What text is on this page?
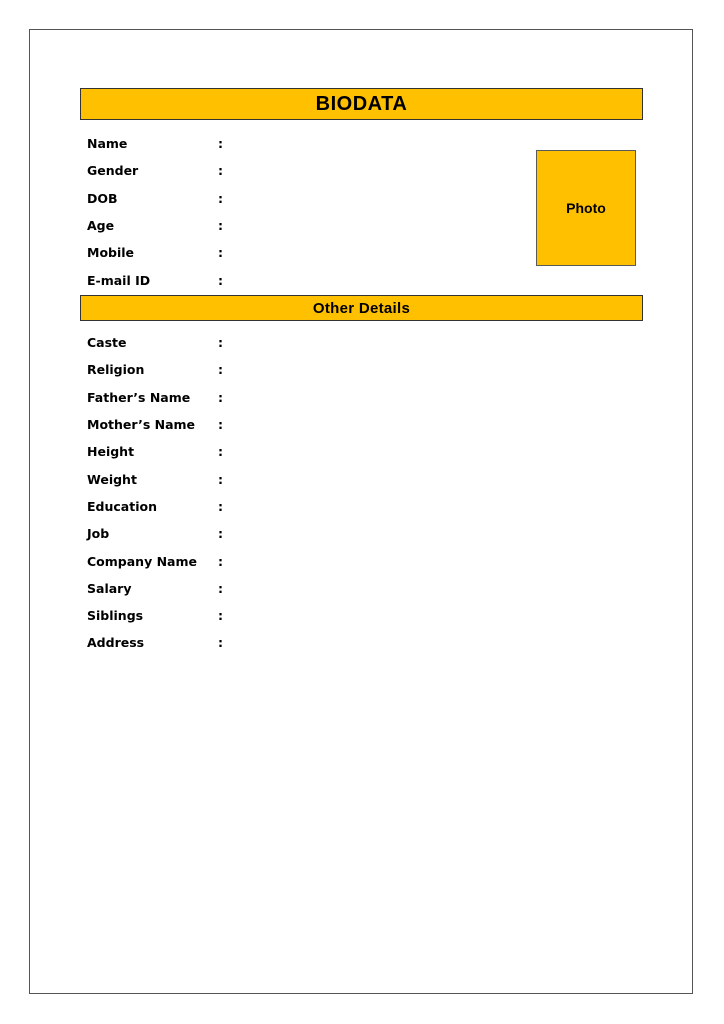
BIODATA
Name	:
Gender	:
DOB	:
Age	:
Mobile	:
E-mail ID	:
Photo
Other Details
Caste	:
Religion	:
Father’s Name	:
Mother’s Name	:
Height	:
Weight	:
Education	:
Job	:
Company Name	:
Salary	:
Siblings	:
Address	:
